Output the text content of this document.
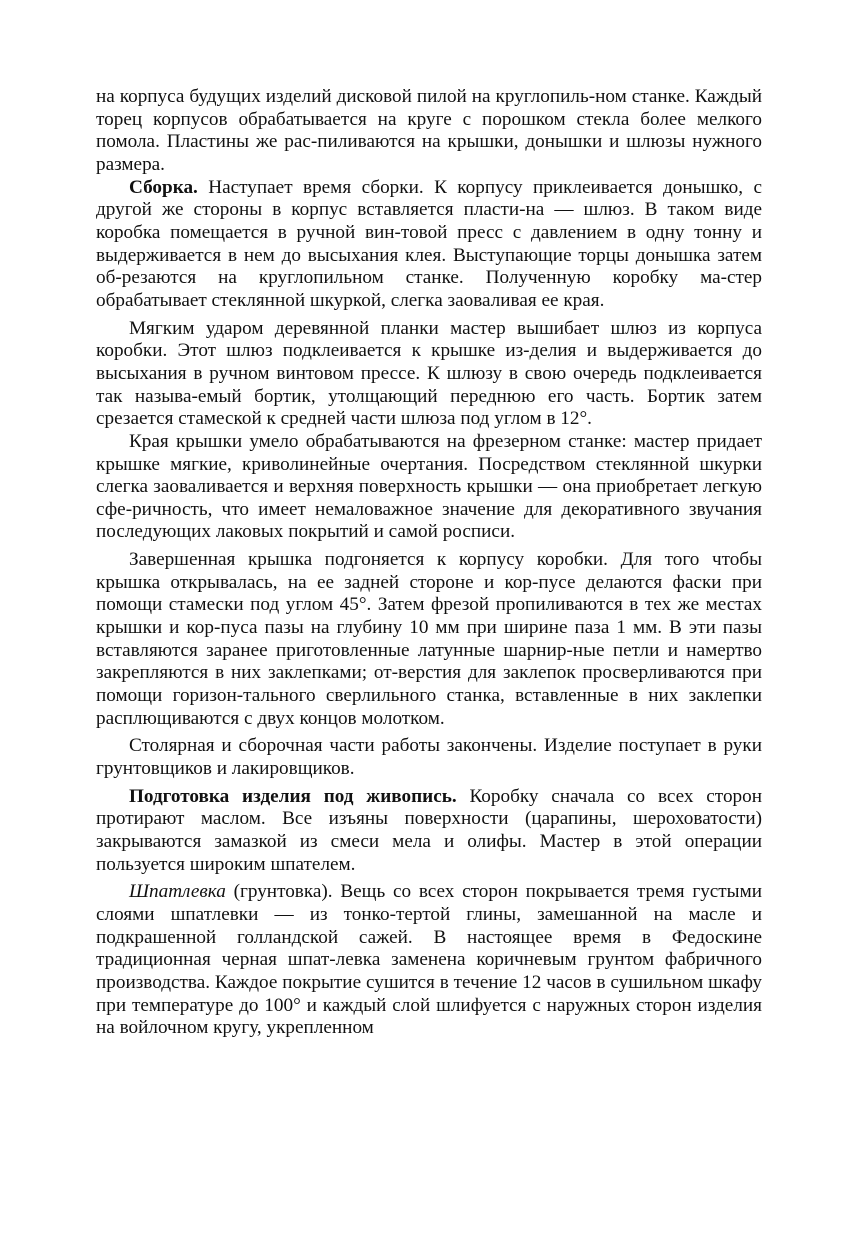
на корпуса будущих изделий дисковой пилой на круглопиль-ном станке. Каждый торец корпусов обрабатывается на круге с порошком стекла более мелкого помола. Пластины же рас-пиливаются на крышки, донышки и шлюзы нужного размера.

Сборка. Наступает время сборки. К корпусу приклеивается донышко, с другой же стороны в корпус вставляется пласти-на — шлюз. В таком виде коробка помещается в ручной вин-товой пресс с давлением в одну тонну и выдерживается в нем до высыхания клея. Выступающие торцы донышка затем об-резаются на круглопильном станке. Полученную коробку ма-стер обрабатывает стеклянной шкуркой, слегка заоваливая ее края.

Мягким ударом деревянной планки мастер вышибает шлюз из корпуса коробки. Этот шлюз подклеивается к крышке из-делия и выдерживается до высыхания в ручном винтовом прессе. К шлюзу в свою очередь подклеивается так называ-емый бортик, утолщающий переднюю его часть. Бортик затем срезается стамеской к средней части шлюза под углом в 12°.

Края крышки умело обрабатываются на фрезерном станке: мастер придает крышке мягкие, криволинейные очертания. Посредством стеклянной шкурки слегка заоваливается и верхняя поверхность крышки — она приобретает легкую сфе-ричность, что имеет немаловажное значение для декоративного звучания последующих лаковых покрытий и самой росписи.

Завершенная крышка подгоняется к корпусу коробки. Для того чтобы крышка открывалась, на ее задней стороне и кор-пусе делаются фаски при помощи стамески под углом 45°. Затем фрезой пропиливаются в тех же местах крышки и кор-пуса пазы на глубину 10 мм при ширине паза 1 мм. В эти пазы вставляются заранее приготовленные латунные шарнир-ные петли и намертво закрепляются в них заклепками; от-верстия для заклепок просверливаются при помощи горизон-тального сверлильного станка, вставленные в них заклепки расплющиваются с двух концов молотком.

Столярная и сборочная части работы закончены. Изделие поступает в руки грунтовщиков и лакировщиков.

Подготовка изделия под живопись. Коробку сначала со всех сторон протирают маслом. Все изъяны поверхности (царапины, шероховатости) закрываются замазкой из смеси мела и олифы. Мастер в этой операции пользуется широким шпателем.

Шпатлевка (грунтовка). Вещь со всех сторон покрывается тремя густыми слоями шпатлевки — из тонко-тертой глины, замешанной на масле и подкрашенной голландской сажей. В настоящее время в Федоскине традиционная черная шпат-левка заменена коричневым грунтом фабричного производства. Каждое покрытие сушится в течение 12 часов в сушильном шкафу при температуре до 100° и каждый слой шлифуется с наружных сторон изделия на войлочном кругу, укрепленном
